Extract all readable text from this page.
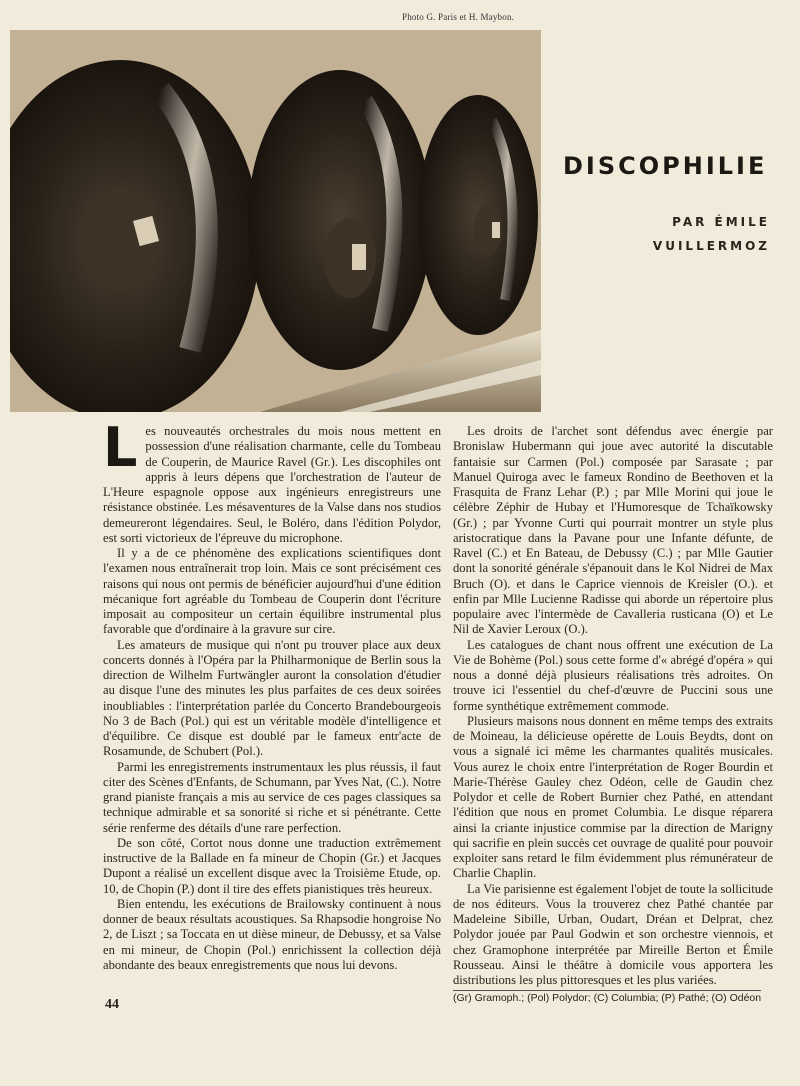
Photo G. Paris et H. Maybon.
DISCOPHILIE
PAR ÉMILE
VUILLERMOZ

Les nouveautés orchestrales du mois nous mettent en possession d'une réalisation charmante, celle du Tombeau de Couperin, de Maurice Ravel (Gr.). Les discophiles ont appris à leurs dépens que l'orchestration de l'auteur de L'Heure espagnole oppose aux ingénieurs enregistreurs une résistance obstinée. Les mésaventures de la Valse dans nos studios demeureront légendaires. Seul, le Boléro, dans l'édition Polydor, est sorti victorieux de l'épreuve du microphone.

Il y a de ce phénomène des explications scientifiques dont l'examen nous entraînerait trop loin. Mais ce sont précisément ces raisons qui nous ont permis de bénéficier aujourd'hui d'une édition mécanique fort agréable du Tombeau de Couperin dont l'écriture imposait au compositeur un certain équilibre instrumental plus favorable que d'ordinaire à la gravure sur cire.

Les amateurs de musique qui n'ont pu trouver place aux deux concerts donnés à l'Opéra par la Philharmonique de Berlin sous la direction de Wilhelm Furtwängler auront la consolation d'étudier au disque l'une des minutes les plus parfaites de ces deux soirées inoubliables : l'interprétation parlée du Concerto Brandebourgeois No 3 de Bach (Pol.) qui est un véritable modèle d'intelligence et d'équilibre. Ce disque est doublé par le fameux entr'acte de Rosamunde, de Schubert (Pol.).

Parmi les enregistrements instrumentaux les plus réussis, il faut citer des Scènes d'Enfants, de Schumann, par Yves Nat, (C.). Notre grand pianiste français a mis au service de ces pages classiques sa technique admirable et sa sonorité si riche et si pénétrante. Cette série renferme des détails d'une rare perfection.

De son côté, Cortot nous donne une traduction extrêmement instructive de la Ballade en fa mineur de Chopin (Gr.) et Jacques Dupont a réalisé un excellent disque avec la Troisième Etude, op. 10, de Chopin (P.) dont il tire des effets pianistiques très heureux.

Bien entendu, les exécutions de Brailowsky continuent à nous donner de beaux résultats acoustiques. Sa Rhapsodie hongroise No 2, de Liszt ; sa Toccata en ut dièse mineur, de Debussy, et sa Valse en mi mineur, de Chopin (Pol.) enrichissent la collection déjà abondante des beaux enregistrements que nous lui devons.

Les droits de l'archet sont défendus avec énergie par Bronislaw Hubermann qui joue avec autorité la discutable fantaisie sur Carmen (Pol.) composée par Sarasate ; par Manuel Quiroga avec le fameux Rondino de Beethoven et la Frasquita de Franz Lehar (P.) ; par Mlle Morini qui joue le célèbre Zéphir de Hubay et l'Humoresque de Tchaïkowsky (Gr.) ; par Yvonne Curti qui pourrait montrer un style plus aristocratique dans la Pavane pour une Infante défunte, de Ravel (C.) et En Bateau, de Debussy (C.) ; par Mlle Gautier dont la sonorité générale s'épanouit dans le Kol Nidrei de Max Bruch (O). et dans le Caprice viennois de Kreisler (O.). et enfin par Mlle Lucienne Radisse qui aborde un répertoire plus populaire avec l'intermède de Cavalleria rusticana (O) et Le Nil de Xavier Leroux (O.).

Les catalogues de chant nous offrent une exécution de La Vie de Bohème (Pol.) sous cette forme d'« abrégé d'opéra » qui nous a donné déjà plusieurs réalisations très adroites. On trouve ici l'essentiel du chef-d'œuvre de Puccini sous une forme synthétique extrêmement commode.

Plusieurs maisons nous donnent en même temps des extraits de Moineau, la délicieuse opérette de Louis Beydts, dont on vous a signalé ici même les charmantes qualités musicales. Vous aurez le choix entre l'interprétation de Roger Bourdin et Marie-Thérèse Gauley chez Odéon, celle de Gaudin chez Polydor et celle de Robert Burnier chez Pathé, en attendant l'édition que nous en promet Columbia. Le disque réparera ainsi la criante injustice commise par la direction de Marigny qui sacrifie en plein succès cet ouvrage de qualité pour pouvoir exploiter sans retard le film évidemment plus rémunérateur de Charlie Chaplin.

La Vie parisienne est également l'objet de toute la sollicitude de nos éditeurs. Vous la trouverez chez Pathé chantée par Madeleine Sibille, Urban, Oudart, Dréan et Delprat, chez Polydor jouée par Paul Godwin et son orchestre viennois, et chez Gramophone interprétée par Mireille Berton et Émile Rousseau. Ainsi le théâtre à domicile vous apportera les distributions les plus pittoresques et les plus variées.

(Gr) Gramoph.; (Pol) Polydor; (C) Columbia; (P) Pathé; (O) Odéon
44
